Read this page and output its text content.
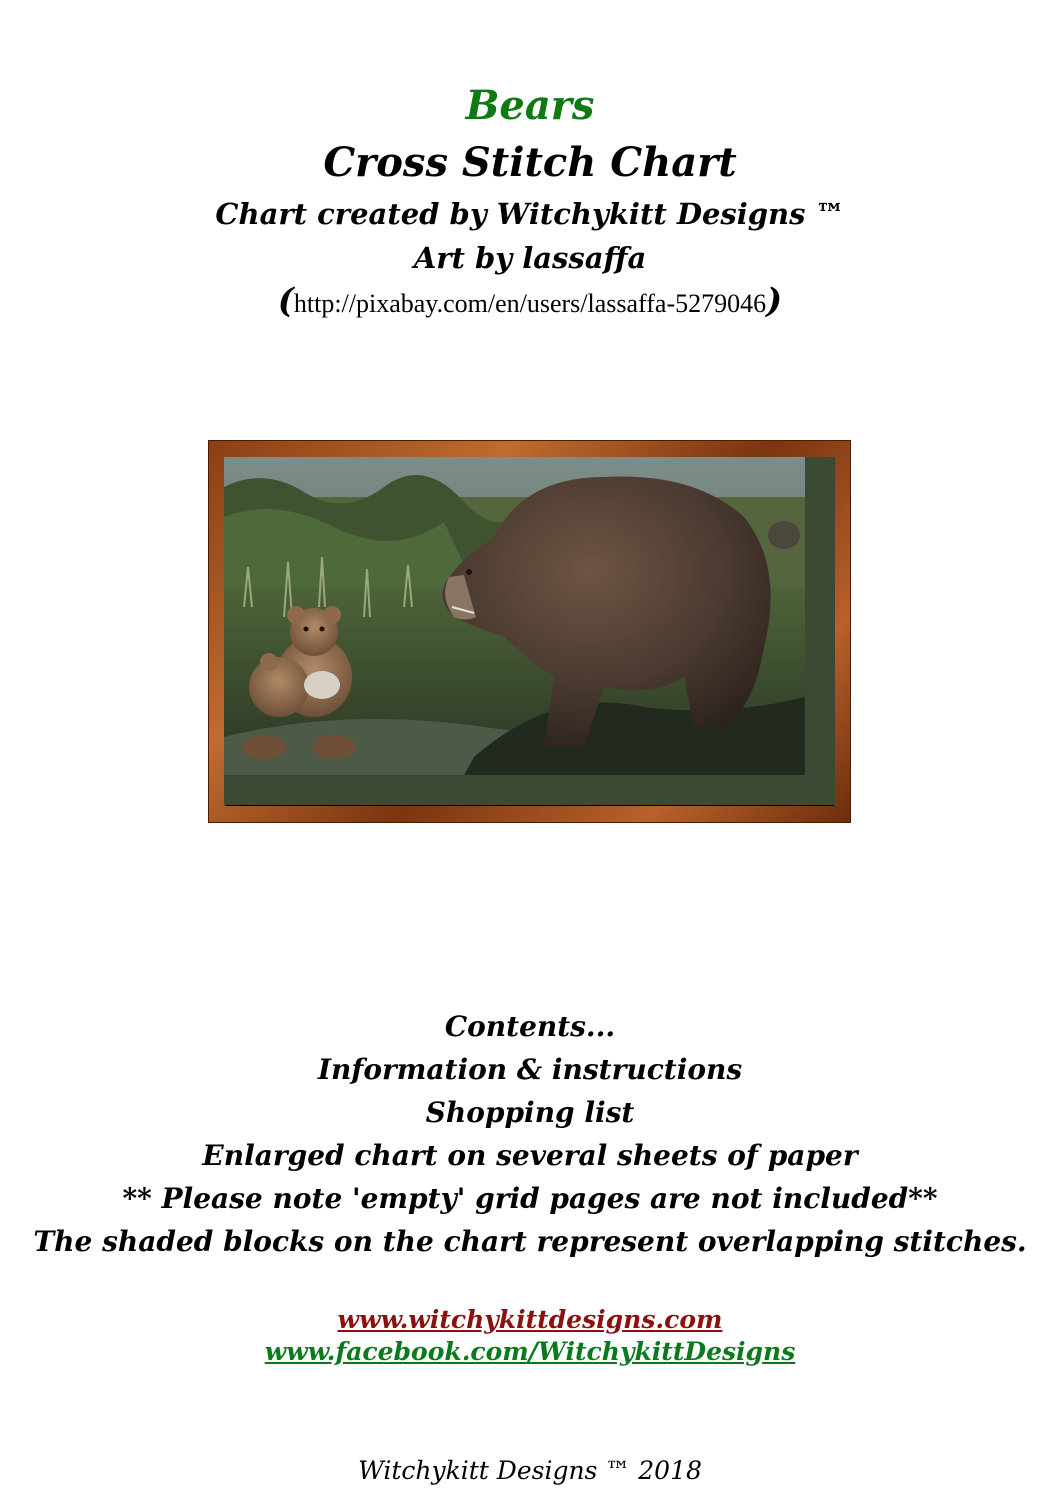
Bears
Cross Stitch Chart
Chart created by Witchykitt Designs ™
Art by lassaffa
(http://pixabay.com/en/users/lassaffa-5279046)
Contents...
Information & instructions
Shopping list
Enlarged chart on several sheets of paper
** Please note 'empty' grid pages are not included**
The shaded blocks on the chart represent overlapping stitches.
www.witchykittdesigns.com
www.facebook.com/WitchykittDesigns
Witchykitt Designs ™ 2018
